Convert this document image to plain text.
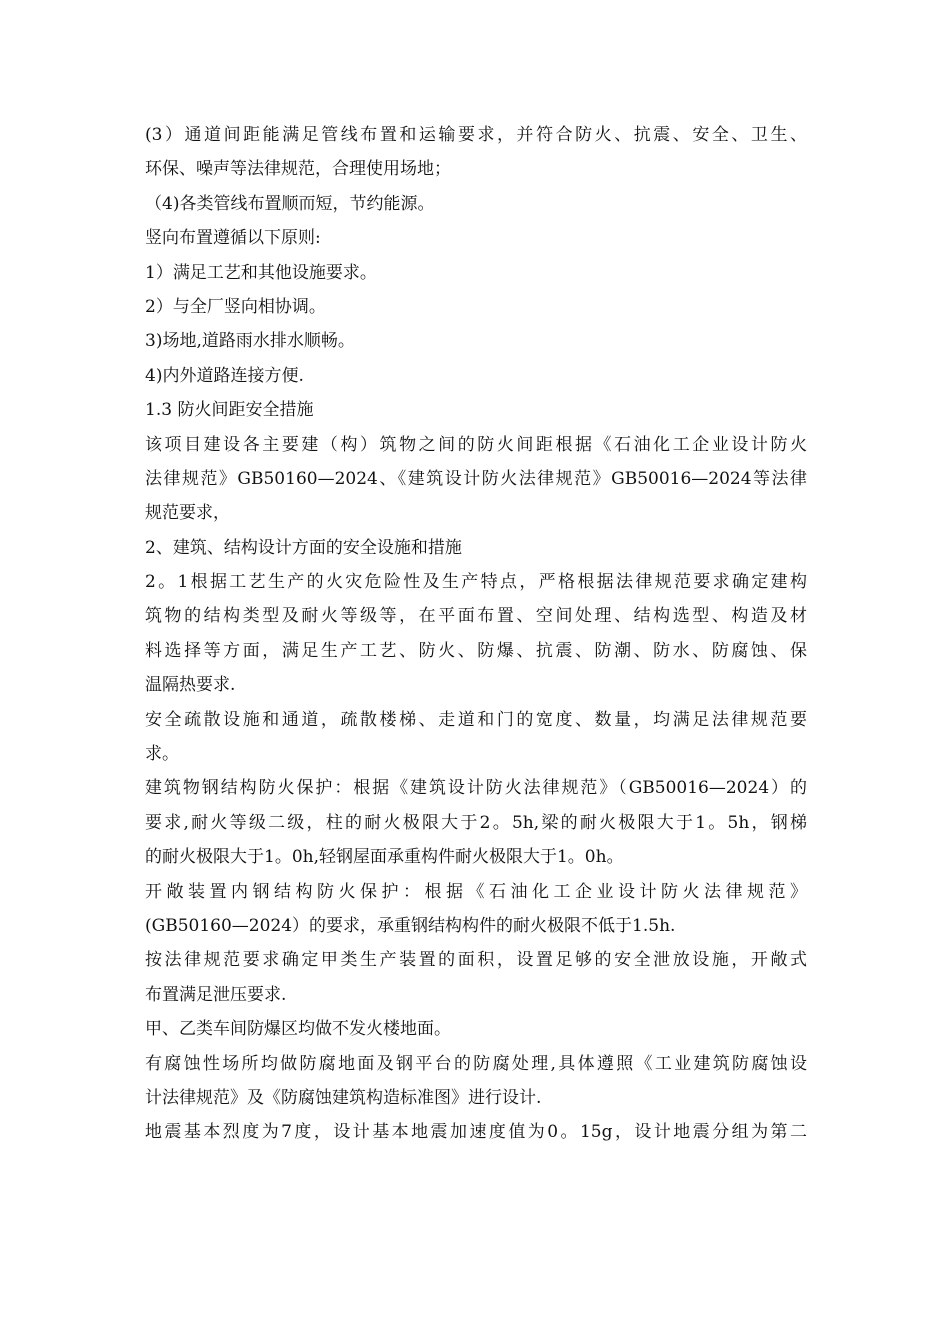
(3）通道间距能满足管线布置和运输要求，并符合防火、抗震、安全、卫生、
环保、噪声等法律规范，合理使用场地；
（4)各类管线布置顺而短，节约能源。
竖向布置遵循以下原则:
1）满足工艺和其他设施要求。
2）与全厂竖向相协调。
3)场地,道路雨水排水顺畅。
4)内外道路连接方便.
1.3 防火间距安全措施
该项目建设各主要建（构）筑物之间的防火间距根据《石油化工企业设计防火
法律规范》GB50160—2024、《建筑设计防火法律规范》GB50016—2024等法律
规范要求，
2、建筑、结构设计方面的安全设施和措施
2。1根据工艺生产的火灾危险性及生产特点，严格根据法律规范要求确定建构
筑物的结构类型及耐火等级等，在平面布置、空间处理、结构选型、构造及材
料选择等方面，满足生产工艺、防火、防爆、抗震、防潮、防水、防腐蚀、保
温隔热要求.
安全疏散设施和通道，疏散楼梯、走道和门的宽度、数量，均满足法律规范要
求。
建筑物钢结构防火保护：根据《建筑设计防火法律规范》（GB50016—2024）的
要求,耐火等级二级，柱的耐火极限大于2。5h,梁的耐火极限大于1。5h，钢梯
的耐火极限大于1。0h,轻钢屋面承重构件耐火极限大于1。0h。
开敞装置内钢结构防火保护：根据《石油化工企业设计防火法律规范》
(GB50160—2024）的要求，承重钢结构构件的耐火极限不低于1.5h.
按法律规范要求确定甲类生产装置的面积，设置足够的安全泄放设施，开敞式
布置满足泄压要求.
甲、乙类车间防爆区均做不发火楼地面。
有腐蚀性场所均做防腐地面及钢平台的防腐处理,具体遵照《工业建筑防腐蚀设
计法律规范》及《防腐蚀建筑构造标准图》进行设计.
地震基本烈度为7度，设计基本地震加速度值为0。15g，设计地震分组为第二
